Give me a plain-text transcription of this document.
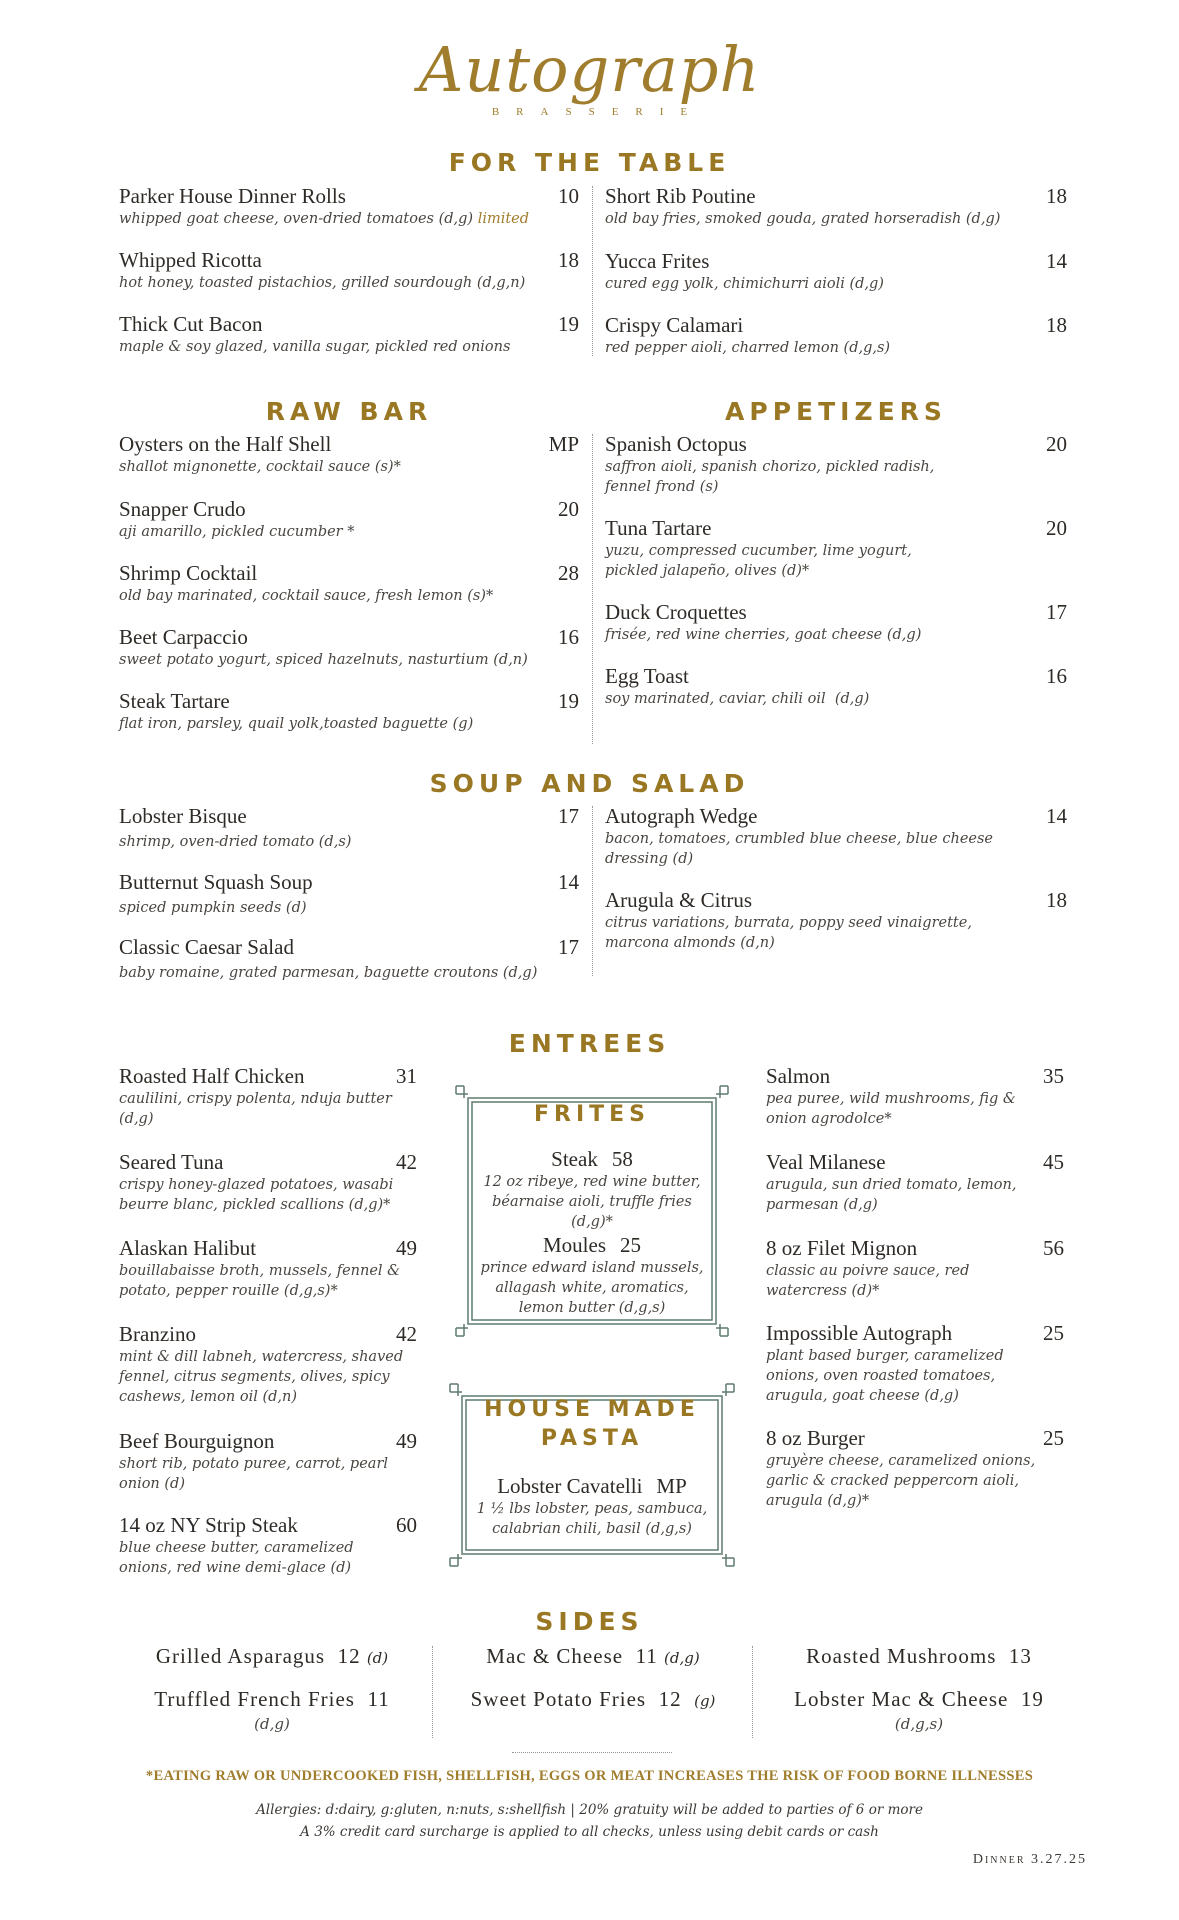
Autograph
BRASSERIE
FOR THE TABLE
Parker House Dinner Rolls	10
whipped goat cheese, oven-dried tomatoes (d,g) limited
Whipped Ricotta	18
hot honey, toasted pistachios, grilled sourdough (d,g,n)
Thick Cut Bacon	19
maple & soy glazed, vanilla sugar, pickled red onions
Short Rib Poutine	18
old bay fries, smoked gouda, grated horseradish (d,g)
Yucca Frites	14
cured egg yolk, chimichurri aioli (d,g)
Crispy Calamari	18
red pepper aioli, charred lemon (d,g,s)
RAW BAR
Oysters on the Half Shell	MP
shallot mignonette, cocktail sauce (s)*
Snapper Crudo	20
aji amarillo, pickled cucumber *
Shrimp Cocktail	28
old bay marinated, cocktail sauce, fresh lemon (s)*
Beet Carpaccio	16
sweet potato yogurt, spiced hazelnuts, nasturtium (d,n)
Steak Tartare	19
flat iron, parsley, quail yolk,toasted baguette (g)
APPETIZERS
Spanish Octopus	20
saffron aioli, spanish chorizo, pickled radish, fennel frond (s)
Tuna Tartare	20
yuzu, compressed cucumber, lime yogurt, pickled jalapeño, olives (d)*
Duck Croquettes	17
frisée, red wine cherries, goat cheese (d,g)
Egg Toast	16
soy marinated, caviar, chili oil  (d,g)
SOUP AND SALAD
Lobster Bisque	17
shrimp, oven-dried tomato (d,s)
Butternut Squash Soup	14
spiced pumpkin seeds (d)
Classic Caesar Salad	17
baby romaine, grated parmesan, baguette croutons (d,g)
Autograph Wedge	14
bacon, tomatoes, crumbled blue cheese, blue cheese dressing (d)
Arugula & Citrus	18
citrus variations, burrata, poppy seed vinaigrette, marcona almonds (d,n)
ENTREES
Roasted Half Chicken	31
caulilini, crispy polenta, nduja butter (d,g)
Seared Tuna	42
crispy honey-glazed potatoes, wasabi beurre blanc, pickled scallions (d,g)*
Alaskan Halibut	49
bouillabaisse broth, mussels, fennel & potato, pepper rouille (d,g,s)*
Branzino	42
mint & dill labneh, watercress, shaved fennel, citrus segments, olives, spicy cashews, lemon oil (d,n)
Beef Bourguignon	49
short rib, potato puree, carrot, pearl onion (d)
14 oz NY Strip Steak	60
blue cheese butter, caramelized onions, red wine demi-glace (d)
FRITES
Steak 58
12 oz ribeye, red wine butter, béarnaise aioli, truffle fries (d,g)*
Moules 25
prince edward island mussels, allagash white, aromatics, lemon butter (d,g,s)
HOUSE MADE
PASTA
Lobster Cavatelli MP
1 ½ lbs lobster, peas, sambuca, calabrian chili, basil (d,g,s)
Salmon	35
pea puree, wild mushrooms, fig & onion agrodolce*
Veal Milanese	45
arugula, sun dried tomato, lemon, parmesan (d,g)
8 oz Filet Mignon	56
classic au poivre sauce, red watercress (d)*
Impossible Autograph	25
plant based burger, caramelized onions, oven roasted tomatoes, arugula, goat cheese (d,g)
8 oz Burger	25
gruyère cheese, caramelized onions, garlic & cracked peppercorn aioli, arugula (d,g)*
SIDES
Grilled Asparagus 12 (d)
Truffled French Fries 11
(d,g)
Mac & Cheese 11 (d,g)
Sweet Potato Fries 12 (g)
Roasted Mushrooms 13
Lobster Mac & Cheese 19
(d,g,s)
*EATING RAW OR UNDERCOOKED FISH, SHELLFISH, EGGS OR MEAT INCREASES THE RISK OF FOOD BORNE ILLNESSES
Allergies: d:dairy, g:gluten, n:nuts, s:shellfish | 20% gratuity will be added to parties of 6 or more
A 3% credit card surcharge is applied to all checks, unless using debit cards or cash
Dinner 3.27.25
